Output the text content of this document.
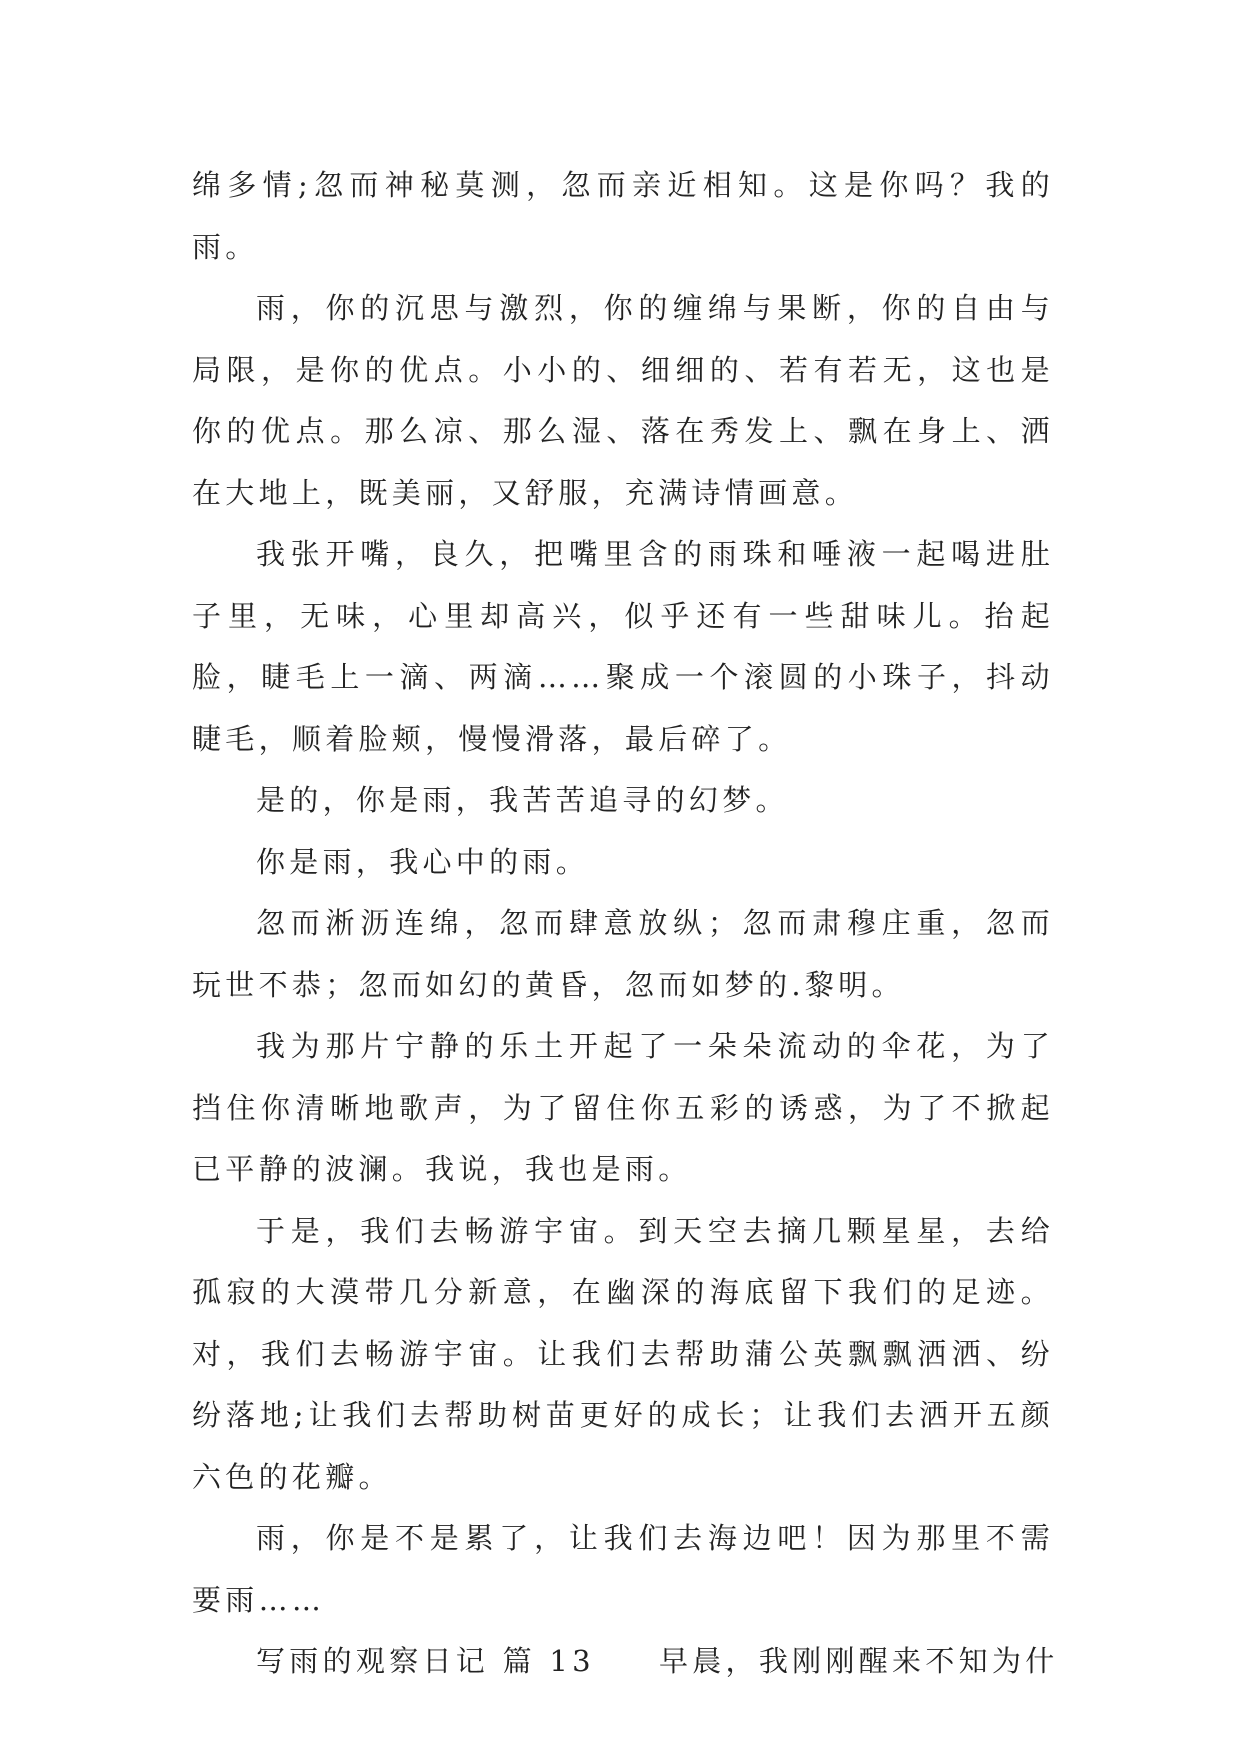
绵多情;忽而神秘莫测，忽而亲近相知。这是你吗？我的雨。

雨，你的沉思与激烈，你的缠绵与果断，你的自由与局限，是你的优点。小小的、细细的、若有若无，这也是你的优点。那么凉、那么湿、落在秀发上、飘在身上、洒在大地上，既美丽，又舒服，充满诗情画意。

我张开嘴，良久，把嘴里含的雨珠和唾液一起喝进肚子里，无味，心里却高兴，似乎还有一些甜味儿。抬起脸，睫毛上一滴、两滴……聚成一个滚圆的小珠子，抖动睫毛，顺着脸颊，慢慢滑落，最后碎了。

是的，你是雨，我苦苦追寻的幻梦。

你是雨，我心中的雨。

忽而淅沥连绵，忽而肆意放纵；忽而肃穆庄重，忽而玩世不恭；忽而如幻的黄昏，忽而如梦的.黎明。

我为那片宁静的乐土开起了一朵朵流动的伞花，为了挡住你清晰地歌声，为了留住你五彩的诱惑，为了不掀起已平静的波澜。我说，我也是雨。

于是，我们去畅游宇宙。到天空去摘几颗星星，去给孤寂的大漠带几分新意，在幽深的海底留下我们的足迹。对，我们去畅游宇宙。让我们去帮助蒲公英飘飘洒洒、纷纷落地;让我们去帮助树苗更好的成长；让我们去洒开五颜六色的花瓣。

雨，你是不是累了，让我们去海边吧！因为那里不需要雨……

写雨的观察日记 篇 13 早晨，我刚刚醒来不知为什
